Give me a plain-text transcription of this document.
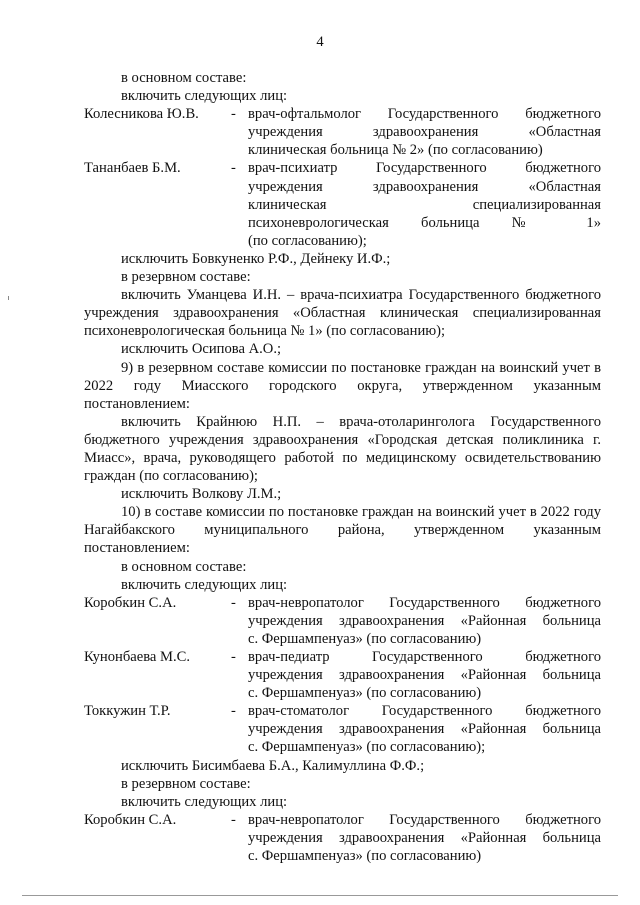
4

в основном составе:

включить следующих лиц:

Колесникова Ю.В.	- врач-офтальмолог Государственного бюджетного
учреждения здравоохранения «Областная
клиническая больница № 2» (по согласованию)
Тананбаев Б.М.	- врач-психиатр Государственного бюджетного
учреждения здравоохранения «Областная
клиническая специализированная
психоневрологическая больница № 1»
(по согласованию);

исключить Бовкуненко Р.Ф., Дейнеку И.Ф.;

в резервном составе:

включить Уманцева И.Н. – врача-психиатра Государственного бюджетного учреждения здравоохранения «Областная клиническая специализированная психоневрологическая больница № 1» (по согласованию);

исключить Осипова А.О.;

9) в резервном составе комиссии по постановке граждан на воинский учет в 2022 году Миасского городского округа, утвержденном указанным постановлением:

включить Крайнюю Н.П. – врача-отоларинголога Государственного бюджетного учреждения здравоохранения «Городская детская поликлиника г. Миасс», врача, руководящего работой по медицинскому освидетельствованию граждан (по согласованию);

исключить Волкову Л.М.;

10) в составе комиссии по постановке граждан на воинский учет в 2022 году Нагайбакского муниципального района, утвержденном указанным постановлением:

в основном составе:

включить следующих лиц:

Коробкин С.А.	- врач-невропатолог Государственного бюджетного
учреждения здравоохранения «Районная больница
с. Фершампенуаз» (по согласованию)
Кунонбаева М.С.	- врач-педиатр Государственного бюджетного
учреждения здравоохранения «Районная больница
с. Фершампенуаз» (по согласованию)
Токкужин Т.Р.	- врач-стоматолог Государственного бюджетного
учреждения здравоохранения «Районная больница
с. Фершампенуаз» (по согласованию);

исключить Бисимбаева Б.А., Калимуллина Ф.Ф.;

в резервном составе:

включить следующих лиц:

Коробкин С.А.	- врач-невропатолог Государственного бюджетного
учреждения здравоохранения «Районная больница
с. Фершампенуаз» (по согласованию)
